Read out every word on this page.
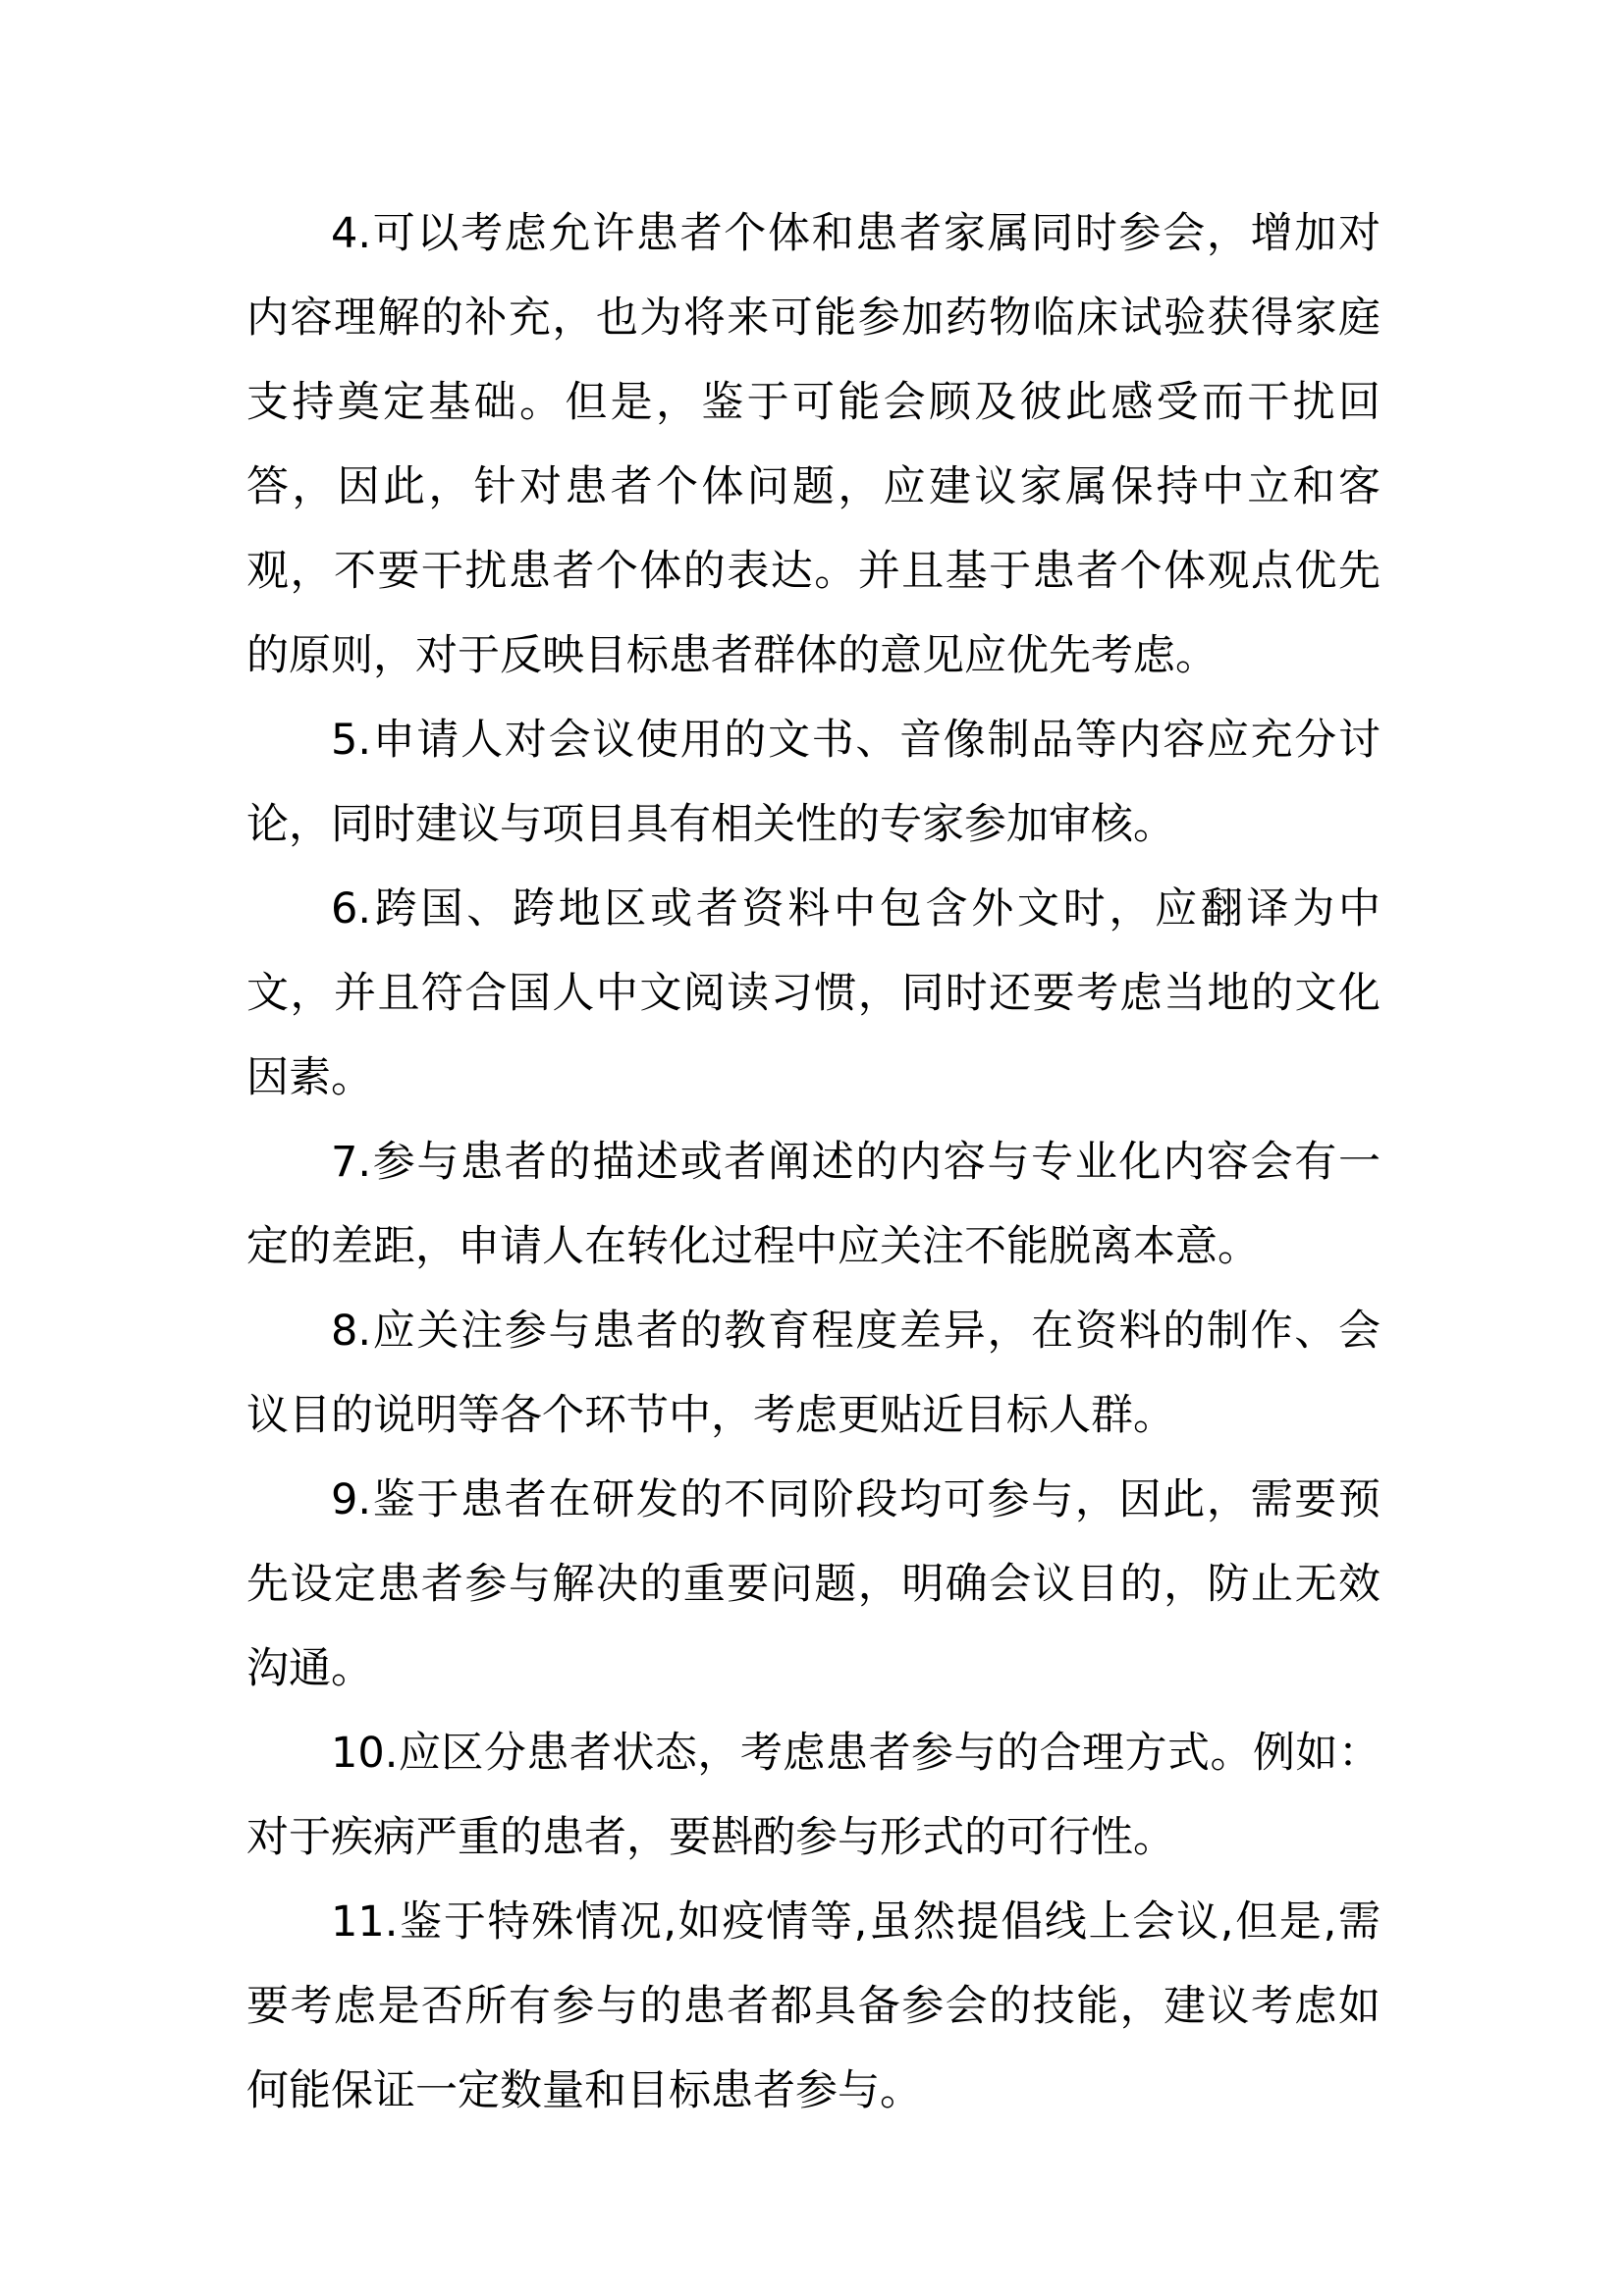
4.可以考虑允许患者个体和患者家属同时参会，增加对内容理解的补充，也为将来可能参加药物临床试验获得家庭支持奠定基础。但是，鉴于可能会顾及彼此感受而干扰回答，因此，针对患者个体问题，应建议家属保持中立和客观，不要干扰患者个体的表达。并且基于患者个体观点优先的原则，对于反映目标患者群体的意见应优先考虑。

5.申请人对会议使用的文书、音像制品等内容应充分讨论，同时建议与项目具有相关性的专家参加审核。

6.跨国、跨地区或者资料中包含外文时，应翻译为中文，并且符合国人中文阅读习惯，同时还要考虑当地的文化因素。

7.参与患者的描述或者阐述的内容与专业化内容会有一定的差距，申请人在转化过程中应关注不能脱离本意。

8.应关注参与患者的教育程度差异，在资料的制作、会议目的说明等各个环节中，考虑更贴近目标人群。

9.鉴于患者在研发的不同阶段均可参与，因此，需要预先设定患者参与解决的重要问题，明确会议目的，防止无效沟通。

10.应区分患者状态，考虑患者参与的合理方式。例如：对于疾病严重的患者，要斟酌参与形式的可行性。

11.鉴于特殊情况,如疫情等,虽然提倡线上会议,但是,需要考虑是否所有参与的患者都具备参会的技能，建议考虑如何能保证一定数量和目标患者参与。
